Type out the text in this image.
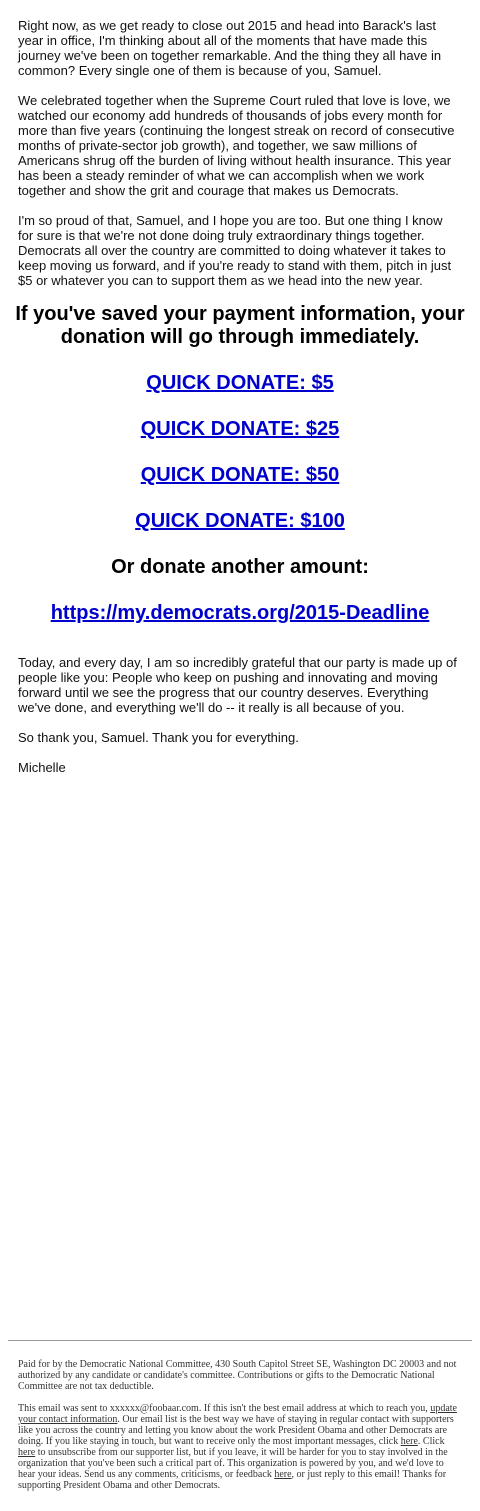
Right now, as we get ready to close out 2015 and head into Barack's last year in office, I'm thinking about all of the moments that have made this journey we've been on together remarkable. And the thing they all have in common? Every single one of them is because of you, Samuel.

We celebrated together when the Supreme Court ruled that love is love, we watched our economy add hundreds of thousands of jobs every month for more than five years (continuing the longest streak on record of consecutive months of private-sector job growth), and together, we saw millions of Americans shrug off the burden of living without health insurance. This year has been a steady reminder of what we can accomplish when we work together and show the grit and courage that makes us Democrats.

I'm so proud of that, Samuel, and I hope you are too. But one thing I know for sure is that we're not done doing truly extraordinary things together. Democrats all over the country are committed to doing whatever it takes to keep moving us forward, and if you're ready to stand with them, pitch in just $5 or whatever you can to support them as we head into the new year.

If you've saved your payment information, your donation will go through immediately.
QUICK DONATE: $5
QUICK DONATE: $25
QUICK DONATE: $50
QUICK DONATE: $100
Or donate another amount:
https://my.democrats.org/2015-Deadline

Today, and every day, I am so incredibly grateful that our party is made up of people like you: People who keep on pushing and innovating and moving forward until we see the progress that our country deserves. Everything we've done, and everything we'll do -- it really is all because of you.

So thank you, Samuel. Thank you for everything.

Michelle

Paid for by the Democratic National Committee, 430 South Capitol Street SE, Washington DC 20003 and not authorized by any candidate or candidate's committee. Contributions or gifts to the Democratic National Committee are not tax deductible.
This email was sent to xxxxxx@foobaar.com. If this isn't the best email address at which to reach you, update your contact information. Our email list is the best way we have of staying in regular contact with supporters like you across the country and letting you know about the work President Obama and other Democrats are doing. If you like staying in touch, but want to receive only the most important messages, click here. Click here to unsubscribe from our supporter list, but if you leave, it will be harder for you to stay involved in the organization that you've been such a critical part of. This organization is powered by you, and we'd love to hear your ideas. Send us any comments, criticisms, or feedback here, or just reply to this email! Thanks for supporting President Obama and other Democrats.
